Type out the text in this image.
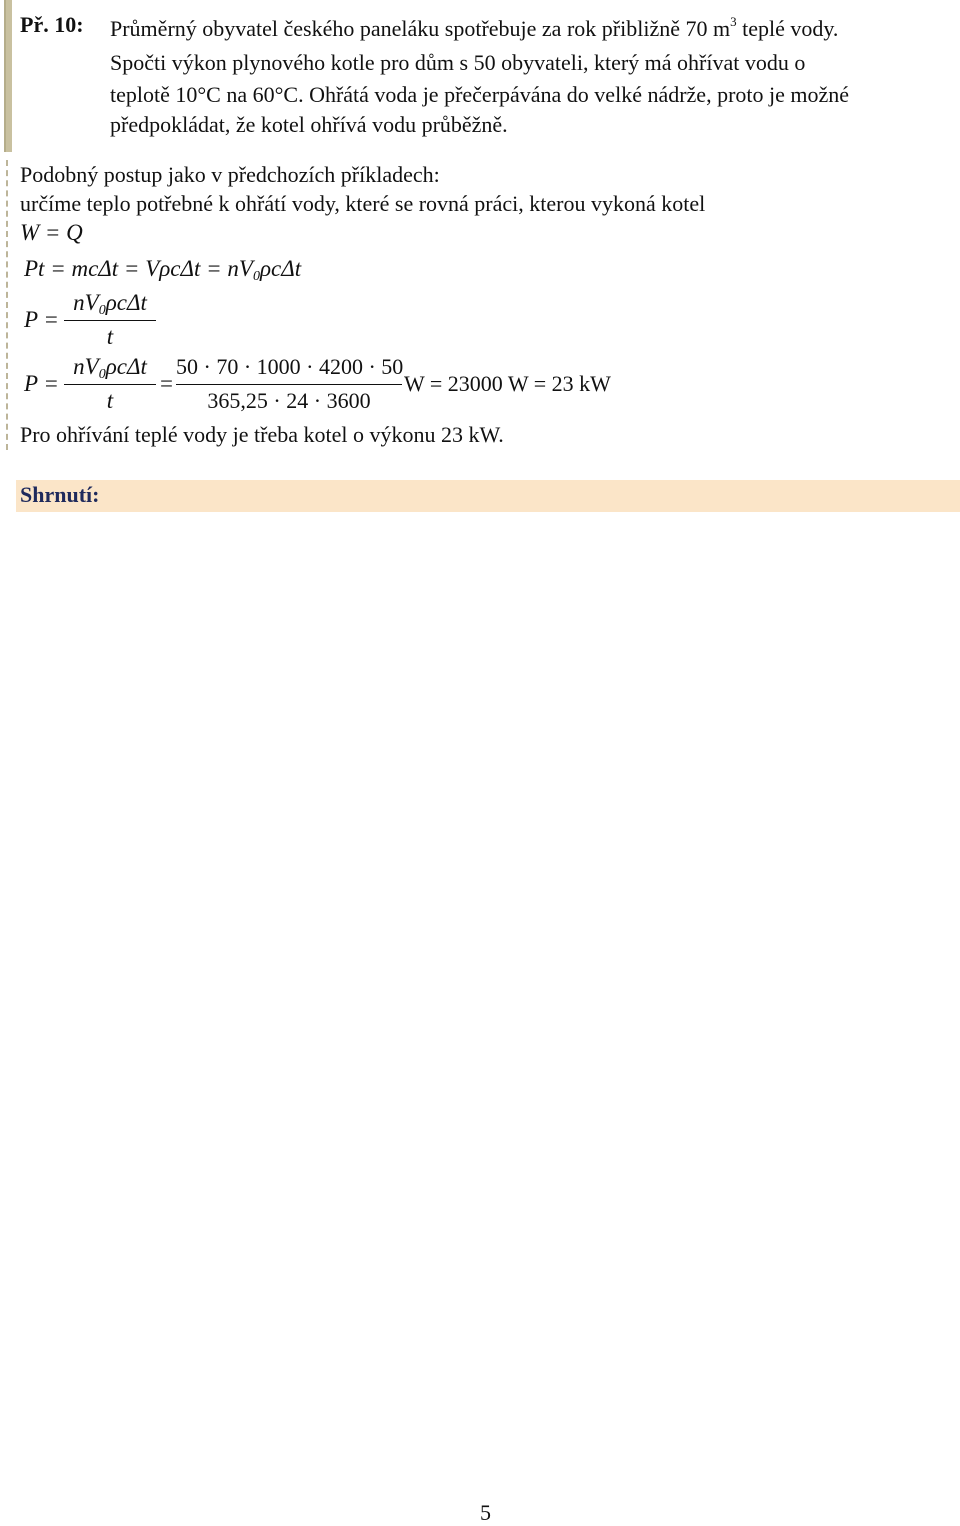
Př. 10: Průměrný obyvatel českého paneláku spotřebuje za rok přibližně 70 $m^3$ teplé vody.
Spočti výkon plynového kotle pro dům s 50 obyvateli, který má ohřívat vodu o
teplotě 10°C na 60°C. Ohřátá voda je přečerpávána do velké nádrže, proto je možné
předpokládat, že kotel ohřívá vodu průběžně.
Podobný postup jako v předchozích příkladech:
určíme teplo potřebné k ohřátí vody, které se rovná práci, kterou vykoná kotel
W = Q
$Pt = mc\Delta t = V\rho c\Delta t = nV_0\rho c\Delta t$
P =
$nV_0\rho c\Delta t$
t
P =
$nV_0\rho c\Delta t$
t
=
50 · 70 · 1000 · 4200 · 50
365,25 · 24 · 3600
W = 23000 W = 23 kW
Pro ohřívání teplé vody je třeba kotel o výkonu 23 kW.
Shrnutí:
5
